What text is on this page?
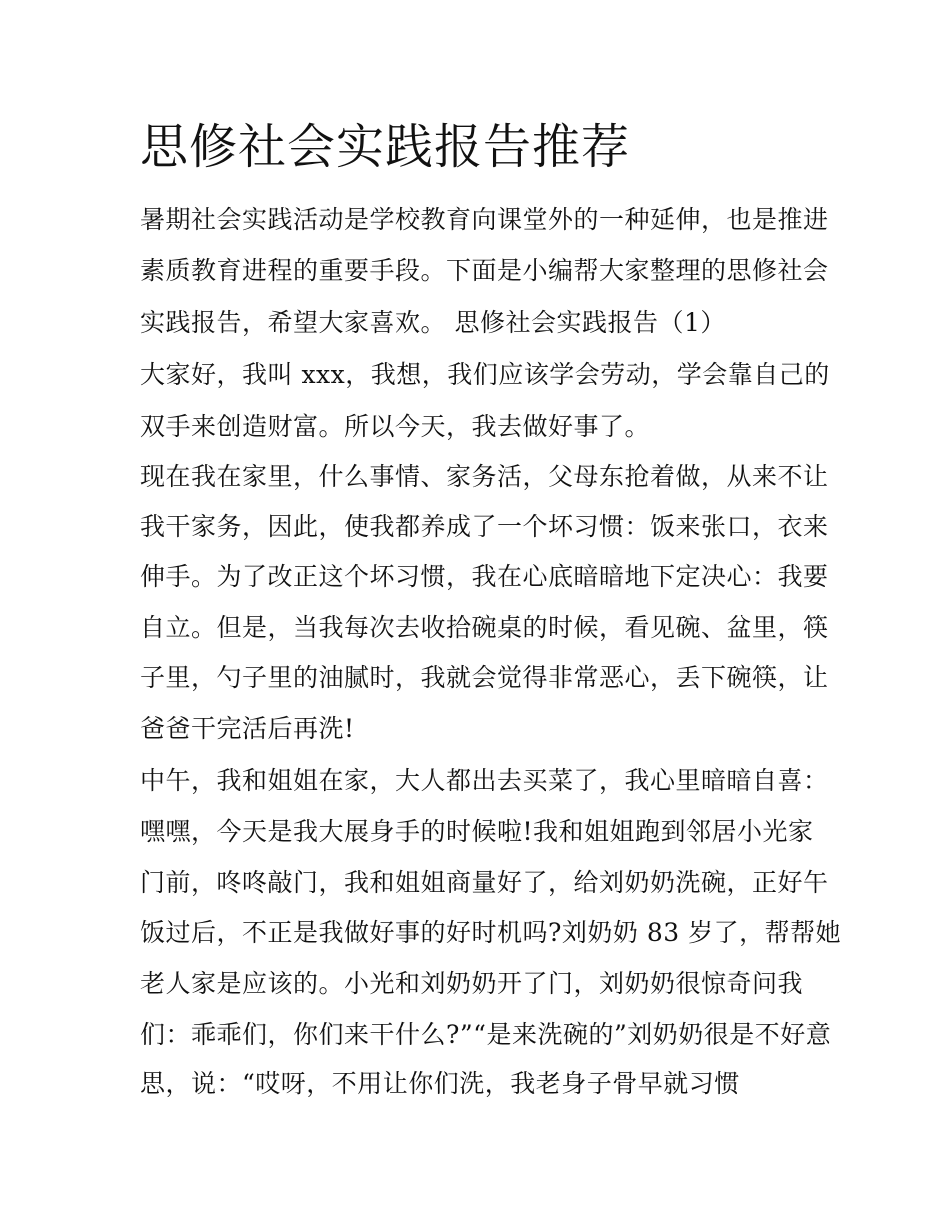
思修社会实践报告推荐
暑期社会实践活动是学校教育向课堂外的一种延伸，也是推进
素质教育进程的重要手段。下面是小编帮大家整理的思修社会
实践报告，希望大家喜欢。 思修社会实践报告（1）
大家好，我叫 xxx，我想，我们应该学会劳动，学会靠自己的
双手来创造财富。所以今天，我去做好事了。
现在我在家里，什么事情、家务活，父母东抢着做，从来不让
我干家务，因此，使我都养成了一个坏习惯：饭来张口，衣来
伸手。为了改正这个坏习惯，我在心底暗暗地下定决心：我要
自立。但是，当我每次去收拾碗桌的时候，看见碗、盆里，筷
子里，勺子里的油腻时，我就会觉得非常恶心，丢下碗筷，让
爸爸干完活后再洗!
中午，我和姐姐在家，大人都出去买菜了，我心里暗暗自喜：
嘿嘿，今天是我大展身手的时候啦!我和姐姐跑到邻居小光家
门前，咚咚敲门，我和姐姐商量好了，给刘奶奶洗碗，正好午
饭过后，不正是我做好事的好时机吗?刘奶奶 83 岁了，帮帮她
老人家是应该的。小光和刘奶奶开了门，刘奶奶很惊奇问我
们：乖乖们，你们来干什么?”“是来洗碗的”刘奶奶很是不好意
思，说：“哎呀，不用让你们洗，我老身子骨早就习惯
